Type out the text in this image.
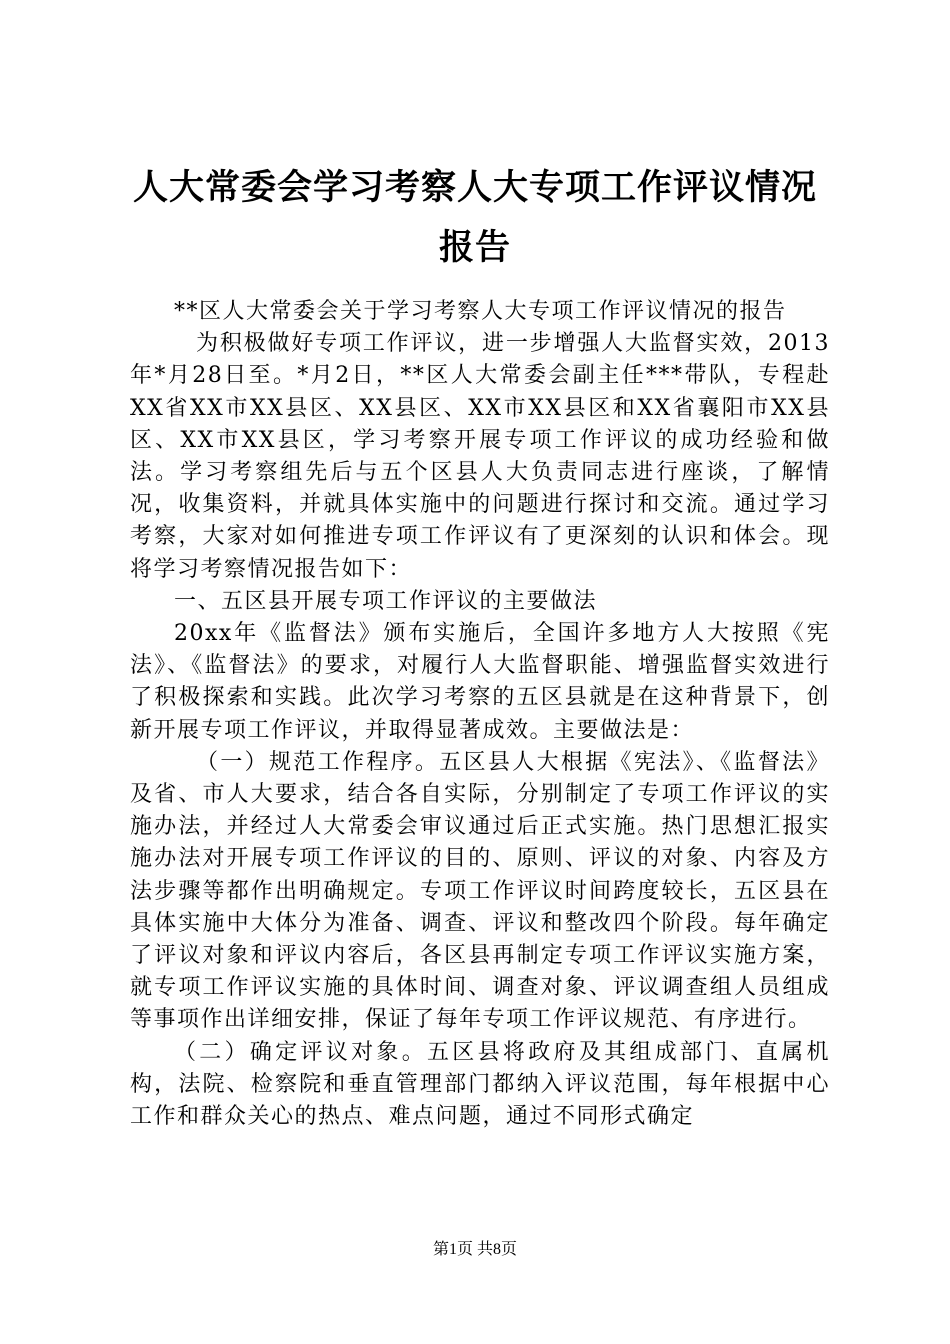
人大常委会学习考察人大专项工作评议情况报告

**区人大常委会关于学习考察人大专项工作评议情况的报告

为积极做好专项工作评议，进一步增强人大监督实效，2013年*月28日至。*月2日，**区人大常委会副主任***带队，专程赴XX省XX市XX县区、XX县区、XX市XX县区和XX省襄阳市XX县区、XX市XX县区，学习考察开展专项工作评议的成功经验和做法。学习考察组先后与五个区县人大负责同志进行座谈，了解情况，收集资料，并就具体实施中的问题进行探讨和交流。通过学习考察，大家对如何推进专项工作评议有了更深刻的认识和体会。现将学习考察情况报告如下：

一、五区县开展专项工作评议的主要做法

20xx年《监督法》颁布实施后，全国许多地方人大按照《宪法》、《监督法》的要求，对履行人大监督职能、增强监督实效进行了积极探索和实践。此次学习考察的五区县就是在这种背景下，创新开展专项工作评议，并取得显著成效。主要做法是：

（一）规范工作程序。五区县人大根据《宪法》、《监督法》及省、市人大要求，结合各自实际，分别制定了专项工作评议的实施办法，并经过人大常委会审议通过后正式实施。热门思想汇报实施办法对开展专项工作评议的目的、原则、评议的对象、内容及方法步骤等都作出明确规定。专项工作评议时间跨度较长，五区县在具体实施中大体分为准备、调查、评议和整改四个阶段。每年确定了评议对象和评议内容后，各区县再制定专项工作评议实施方案，就专项工作评议实施的具体时间、调查对象、评议调查组人员组成等事项作出详细安排，保证了每年专项工作评议规范、有序进行。

（二）确定评议对象。五区县将政府及其组成部门、直属机构，法院、检察院和垂直管理部门都纳入评议范围，每年根据中心工作和群众关心的热点、难点问题，通过不同形式确定

第1页 共8页
